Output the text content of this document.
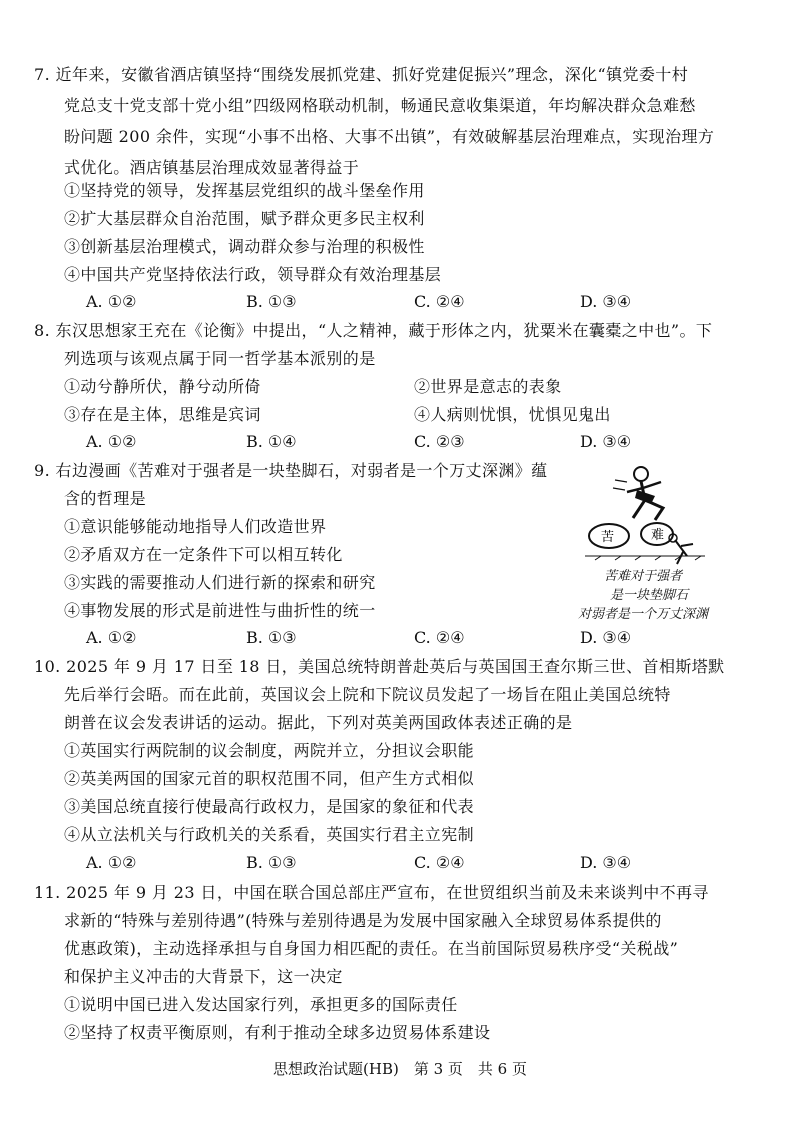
7. 近年来，安徽省酒店镇坚持“围绕发展抓党建、抓好党建促振兴”理念，深化“镇党委十村
党总支十党支部十党小组”四级网格联动机制，畅通民意收集渠道，年均解决群众急难愁
盼问题 200 余件，实现“小事不出格、大事不出镇”，有效破解基层治理难点，实现治理方
式优化。酒店镇基层治理成效显著得益于
①坚持党的领导，发挥基层党组织的战斗堡垒作用
②扩大基层群众自治范围，赋予群众更多民主权利
③创新基层治理模式，调动群众参与治理的积极性
④中国共产党坚持依法行政，领导群众有效治理基层
A. ①②	B. ①③	C. ②④	D. ③④
8. 东汉思想家王充在《论衡》中提出，“人之精神，藏于形体之内，犹粟米在囊橐之中也”。下
列选项与该观点属于同一哲学基本派别的是
①动兮静所伏，静兮动所倚	②世界是意志的表象
③存在是主体，思维是宾词	④人病则忧惧，忧惧见鬼出
A. ①②	B. ①④	C. ②③	D. ③④
9. 右边漫画《苦难对于强者是一块垫脚石，对弱者是一个万丈深渊》蕴
含的哲理是
①意识能够能动地指导人们改造世界
②矛盾双方在一定条件下可以相互转化
③实践的需要推动人们进行新的探索和研究
④事物发展的形式是前进性与曲折性的统一
A. ①②	B. ①③	C. ②④	D. ③④
苦	难
苦难对于强者
是一块垫脚石
对弱者是一个万丈深渊
10. 2025 年 9 月 17 日至 18 日，美国总统特朗普赴英后与英国国王查尔斯三世、首相斯塔默
先后举行会晤。而在此前，英国议会上院和下院议员发起了一场旨在阻止美国总统特
朗普在议会发表讲话的运动。据此，下列对英美两国政体表述正确的是
①英国实行两院制的议会制度，两院并立，分担议会职能
②英美两国的国家元首的职权范围不同，但产生方式相似
③美国总统直接行使最高行政权力，是国家的象征和代表
④从立法机关与行政机关的关系看，英国实行君主立宪制
A. ①②	B. ①③	C. ②④	D. ③④
11. 2025 年 9 月 23 日，中国在联合国总部庄严宣布，在世贸组织当前及未来谈判中不再寻
求新的“特殊与差别待遇”(特殊与差别待遇是为发展中国家融入全球贸易体系提供的
优惠政策)，主动选择承担与自身国力相匹配的责任。在当前国际贸易秩序受“关税战”
和保护主义冲击的大背景下，这一决定
①说明中国已进入发达国家行列，承担更多的国际责任
②坚持了权责平衡原则，有利于推动全球多边贸易体系建设
思想政治试题(HB)　第 3 页　共 6 页
